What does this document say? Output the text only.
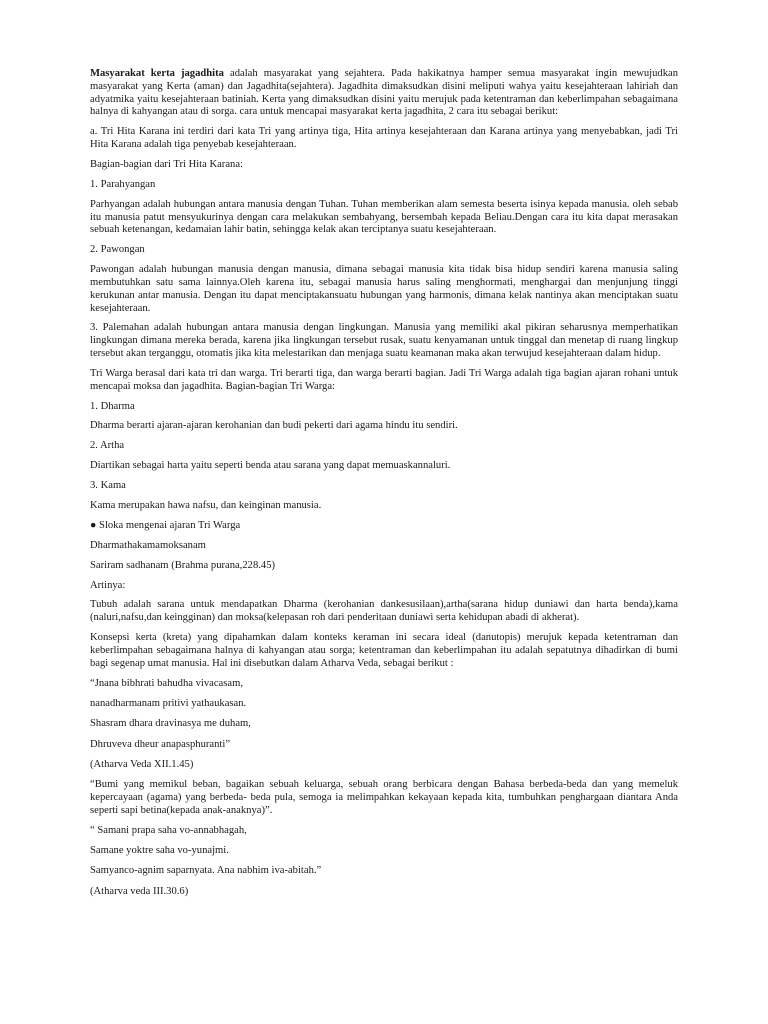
Masyarakat kerta jagadhita adalah masyarakat yang sejahtera. Pada hakikatnya hamper semua masyarakat ingin mewujudkan masyarakat yang Kerta (aman) dan Jagadhita(sejahtera). Jagadhita dimaksudkan disini meliputi wahya yaitu kesejahteraan lahiriah dan adyatmika yaitu kesejahteraan batiniah. Kerta yang dimaksudkan disini yaitu merujuk pada ketentraman dan keberlimpahan sebagaimana halnya di kahyangan atau di sorga. cara untuk mencapai masyarakat kerta jagadhita, 2 cara itu sebagai berikut:

a. Tri Hita Karana ini terdiri dari kata Tri yang artinya tiga, Hita artinya kesejahteraan dan Karana artinya yang menyebabkan, jadi Tri Hita Karana adalah tiga penyebab kesejahteraan.

Bagian-bagian dari Tri Hita Karana:

1. Parahyangan

Parhyangan adalah hubungan antara manusia dengan Tuhan. Tuhan memberikan alam semesta beserta isinya kepada manusia. oleh sebab itu manusia patut mensyukurinya dengan cara melakukan sembahyang, bersembah kepada Beliau.Dengan cara itu kita dapat merasakan sebuah ketenangan, kedamaian lahir batin, sehingga kelak akan terciptanya suatu kesejahteraan.

2. Pawongan

Pawongan adalah hubungan manusia dengan manusia, dimana sebagai manusia kita tidak bisa hidup sendiri karena manusia saling membutuhkan satu sama lainnya.Oleh karena itu, sebagai manusia harus saling menghormati, menghargai dan menjunjung tinggi kerukunan antar manusia. Dengan itu dapat menciptakansuatu hubungan yang harmonis, dimana kelak nantinya akan menciptakan suatu kesejahteraan.

3. Palemahan adalah hubungan antara manusia dengan lingkungan. Manusia yang memiliki akal pikiran seharusnya memperhatikan lingkungan dimana mereka berada, karena jika lingkungan tersebut rusak, suatu kenyamanan untuk tinggal dan menetap di ruang lingkup tersebut akan terganggu, otomatis jika kita melestarikan dan menjaga suatu keamanan maka akan terwujud kesejahteraan dalam hidup.

Tri Warga berasal dari kata tri dan warga. Tri berarti tiga, dan warga berarti bagian. Jadi Tri Warga adalah tiga bagian ajaran rohani untuk mencapai moksa dan jagadhita. Bagian-bagian Tri Warga:

1. Dharma

Dharma berarti ajaran-ajaran kerohanian dan budi pekerti dari agama hindu itu sendiri.

2. Artha

Diartikan sebagai harta yaitu seperti benda atau sarana yang dapat memuaskannaluri.

3. Kama

Kama merupakan hawa nafsu, dan keinginan manusia.

● Sloka mengenai ajaran Tri Warga

Dharmathakamamoksanam

Sariram sadhanam (Brahma purana,228.45)

Artinya:

Tubuh adalah sarana untuk mendapatkan Dharma (kerohanian dankesusilaan),artha(sarana hidup duniawi dan harta benda),kama (naluri,nafsu,dan keingginan) dan moksa(kelepasan roh dari penderitaan duniawi serta kehidupan abadi di akherat).

Konsepsi kerta (kreta) yang dipahamkan dalam konteks keraman ini secara ideal (danutopis) merujuk kepada ketentraman dan keberlimpahan sebagaimana halnya di kahyangan atau sorga; ketentraman dan keberlimpahan itu adalah sepatutnya dihadirkan di bumi bagi segenap umat manusia. Hal ini disebutkan dalam Atharva Veda, sebagai berikut :

“Jnana bibhrati bahudha vivacasam,

nanadharmanam pritivi yathaukasan.

Shasram dhara dravinasya me duham,

Dhruveva dheur anapasphuranti”

(Atharva Veda XII.1.45)

“Bumi yang memikul beban, bagaikan sebuah keluarga, sebuah orang berbicara dengan Bahasa berbeda-beda dan yang memeluk kepercayaan (agama) yang berbeda- beda pula, semoga ia melimpahkan kekayaan kepada kita, tumbuhkan penghargaan diantara Anda seperti sapi betina(kepada anak-anaknya)”.

“ Samani prapa saha vo-annabhagah,

Samane yoktre saha vo-yunajmi.

Samyanco-agnim saparnyata. Ana nabhim iva-abitah.”

(Atharva veda III.30.6)
